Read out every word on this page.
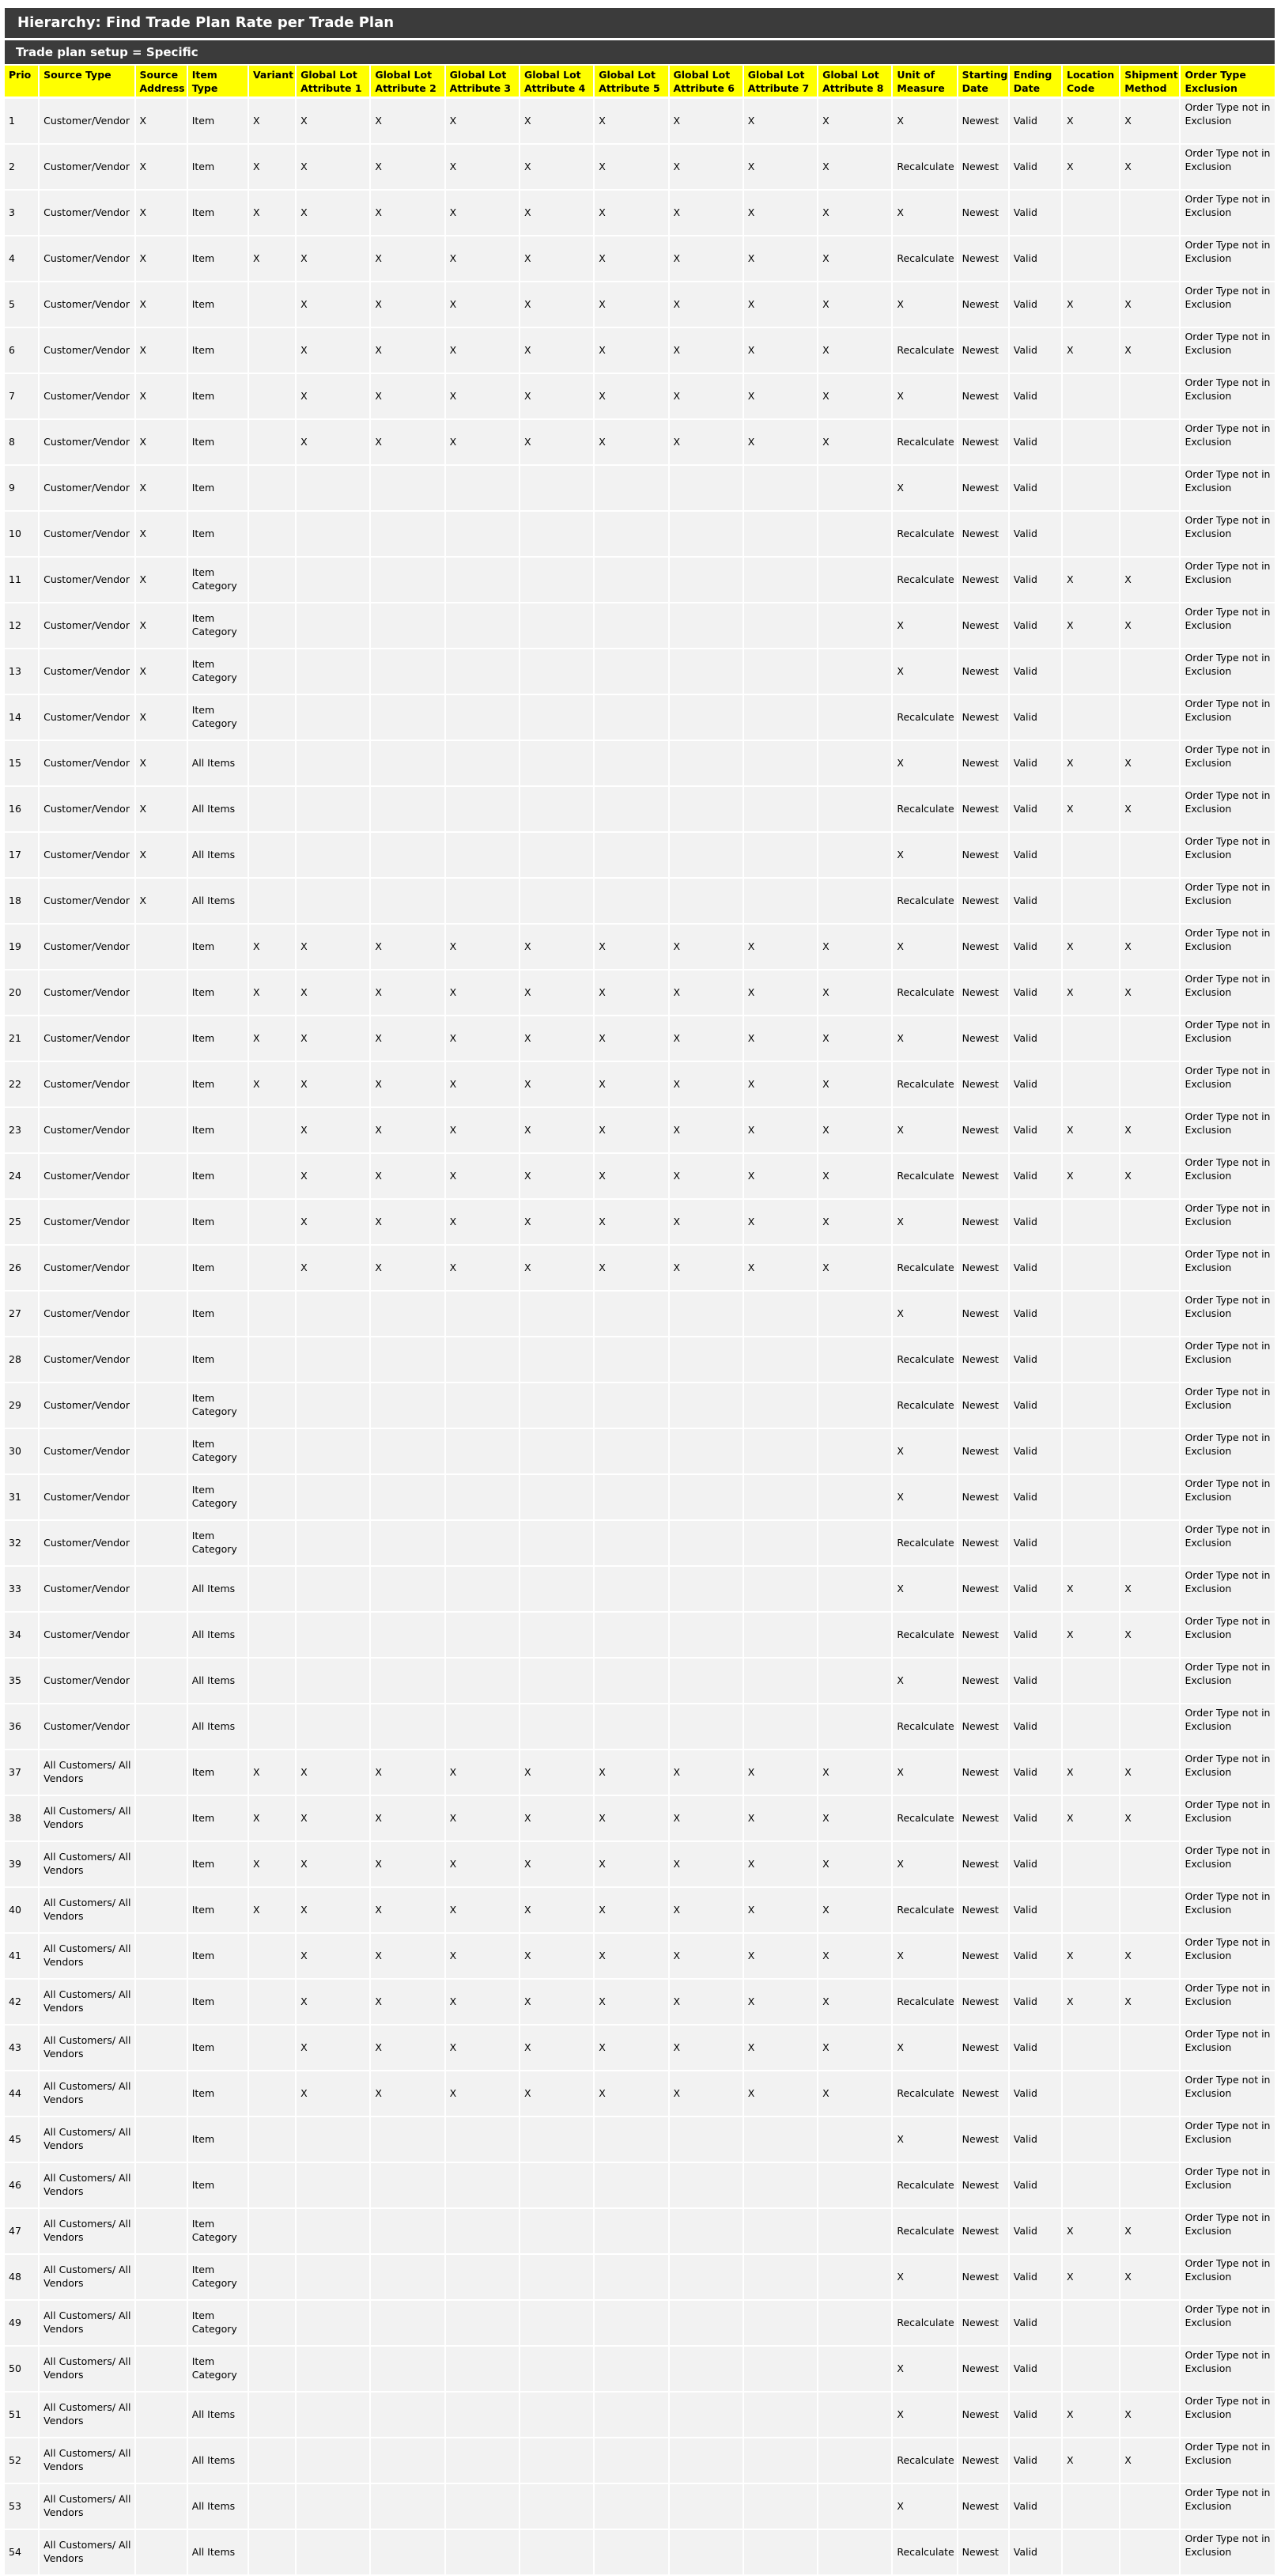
Hierarchy: Find Trade Plan Rate per Trade Plan
Trade plan setup = Specific
Prio	Source Type	Source Address	Item Type	Variant	Global Lot Attribute 1	Global Lot Attribute 2	Global Lot Attribute 3	Global Lot Attribute 4	Global Lot Attribute 5	Global Lot Attribute 6	Global Lot Attribute 7	Global Lot Attribute 8	Unit of Measure	Starting Date	Ending Date	Location Code	Shipment Method	Order Type Exclusion

1	Customer/Vendor	X	Item	X	X	X	X	X	X	X	X	X	X	Newest	Valid	X	X	Order Type not in Exclusion

2	Customer/Vendor	X	Item	X	X	X	X	X	X	X	X	X	Recalculate	Newest	Valid	X	X	Order Type not in Exclusion

3	Customer/Vendor	X	Item	X	X	X	X	X	X	X	X	X	X	Newest	Valid			Order Type not in Exclusion

4	Customer/Vendor	X	Item	X	X	X	X	X	X	X	X	X	Recalculate	Newest	Valid			Order Type not in Exclusion

5	Customer/Vendor	X	Item		X	X	X	X	X	X	X	X	X	Newest	Valid	X	X	Order Type not in Exclusion

6	Customer/Vendor	X	Item		X	X	X	X	X	X	X	X	Recalculate	Newest	Valid	X	X	Order Type not in Exclusion

7	Customer/Vendor	X	Item		X	X	X	X	X	X	X	X	X	Newest	Valid			Order Type not in Exclusion

8	Customer/Vendor	X	Item		X	X	X	X	X	X	X	X	Recalculate	Newest	Valid			Order Type not in Exclusion

9	Customer/Vendor	X	Item										X	Newest	Valid			Order Type not in Exclusion

10	Customer/Vendor	X	Item										Recalculate	Newest	Valid			Order Type not in Exclusion

11	Customer/Vendor	X	Item Category										Recalculate	Newest	Valid	X	X	Order Type not in Exclusion

12	Customer/Vendor	X	Item Category										X	Newest	Valid	X	X	Order Type not in Exclusion

13	Customer/Vendor	X	Item Category										X	Newest	Valid			Order Type not in Exclusion

14	Customer/Vendor	X	Item Category										Recalculate	Newest	Valid			Order Type not in Exclusion

15	Customer/Vendor	X	All Items										X	Newest	Valid	X	X	Order Type not in Exclusion

16	Customer/Vendor	X	All Items										Recalculate	Newest	Valid	X	X	Order Type not in Exclusion

17	Customer/Vendor	X	All Items										X	Newest	Valid			Order Type not in Exclusion

18	Customer/Vendor	X	All Items										Recalculate	Newest	Valid			Order Type not in Exclusion

19	Customer/Vendor		Item	X	X	X	X	X	X	X	X	X	X	Newest	Valid	X	X	Order Type not in Exclusion

20	Customer/Vendor		Item	X	X	X	X	X	X	X	X	X	Recalculate	Newest	Valid	X	X	Order Type not in Exclusion

21	Customer/Vendor		Item	X	X	X	X	X	X	X	X	X	X	Newest	Valid			Order Type not in Exclusion

22	Customer/Vendor		Item	X	X	X	X	X	X	X	X	X	Recalculate	Newest	Valid			Order Type not in Exclusion

23	Customer/Vendor		Item		X	X	X	X	X	X	X	X	X	Newest	Valid	X	X	Order Type not in Exclusion

24	Customer/Vendor		Item		X	X	X	X	X	X	X	X	Recalculate	Newest	Valid	X	X	Order Type not in Exclusion

25	Customer/Vendor		Item		X	X	X	X	X	X	X	X	X	Newest	Valid			Order Type not in Exclusion

26	Customer/Vendor		Item		X	X	X	X	X	X	X	X	Recalculate	Newest	Valid			Order Type not in Exclusion

27	Customer/Vendor		Item										X	Newest	Valid			Order Type not in Exclusion

28	Customer/Vendor		Item										Recalculate	Newest	Valid			Order Type not in Exclusion

29	Customer/Vendor		Item Category										Recalculate	Newest	Valid			Order Type not in Exclusion

30	Customer/Vendor		Item Category										X	Newest	Valid			Order Type not in Exclusion

31	Customer/Vendor		Item Category										X	Newest	Valid			Order Type not in Exclusion

32	Customer/Vendor		Item Category										Recalculate	Newest	Valid			Order Type not in Exclusion

33	Customer/Vendor		All Items										X	Newest	Valid	X	X	Order Type not in Exclusion

34	Customer/Vendor		All Items										Recalculate	Newest	Valid	X	X	Order Type not in Exclusion

35	Customer/Vendor		All Items										X	Newest	Valid			Order Type not in Exclusion

36	Customer/Vendor		All Items										Recalculate	Newest	Valid			Order Type not in Exclusion

37	All Customers/ All Vendors		Item	X	X	X	X	X	X	X	X	X	X	Newest	Valid	X	X	Order Type not in Exclusion

38	All Customers/ All Vendors		Item	X	X	X	X	X	X	X	X	X	Recalculate	Newest	Valid	X	X	Order Type not in Exclusion

39	All Customers/ All Vendors		Item	X	X	X	X	X	X	X	X	X	X	Newest	Valid			Order Type not in Exclusion

40	All Customers/ All Vendors		Item	X	X	X	X	X	X	X	X	X	Recalculate	Newest	Valid			Order Type not in Exclusion

41	All Customers/ All Vendors		Item		X	X	X	X	X	X	X	X	X	Newest	Valid	X	X	Order Type not in Exclusion

42	All Customers/ All Vendors		Item		X	X	X	X	X	X	X	X	Recalculate	Newest	Valid	X	X	Order Type not in Exclusion

43	All Customers/ All Vendors		Item		X	X	X	X	X	X	X	X	X	Newest	Valid			Order Type not in Exclusion

44	All Customers/ All Vendors		Item		X	X	X	X	X	X	X	X	Recalculate	Newest	Valid			Order Type not in Exclusion

45	All Customers/ All Vendors		Item										X	Newest	Valid			Order Type not in Exclusion

46	All Customers/ All Vendors		Item										Recalculate	Newest	Valid			Order Type not in Exclusion

47	All Customers/ All Vendors		Item Category										Recalculate	Newest	Valid	X	X	Order Type not in Exclusion

48	All Customers/ All Vendors		Item Category										X	Newest	Valid	X	X	Order Type not in Exclusion

49	All Customers/ All Vendors		Item Category										Recalculate	Newest	Valid			Order Type not in Exclusion

50	All Customers/ All Vendors		Item Category										X	Newest	Valid			Order Type not in Exclusion

51	All Customers/ All Vendors		All Items										X	Newest	Valid	X	X	Order Type not in Exclusion

52	All Customers/ All Vendors		All Items										Recalculate	Newest	Valid	X	X	Order Type not in Exclusion

53	All Customers/ All Vendors		All Items										X	Newest	Valid			Order Type not in Exclusion

54	All Customers/ All Vendors		All Items										Recalculate	Newest	Valid			Order Type not in Exclusion
